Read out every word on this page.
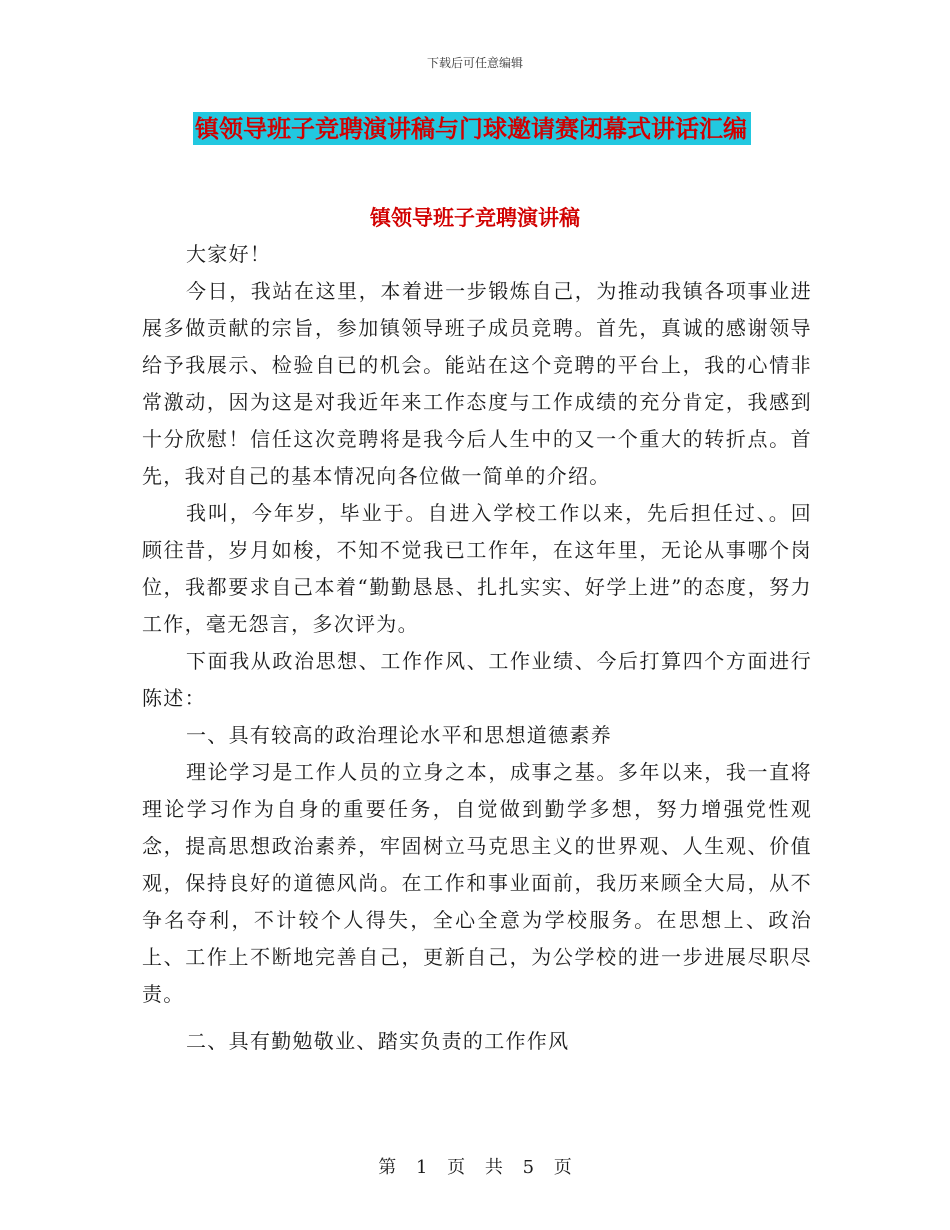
下载后可任意编辑
镇领导班子竞聘演讲稿与门球邀请赛闭幕式讲话汇编
镇领导班子竞聘演讲稿

大家好！

今日，我站在这里，本着进一步锻炼自己，为推动我镇各项事业进展多做贡献的宗旨，参加镇领导班子成员竞聘。首先，真诚的感谢领导给予我展示、检验自已的机会。能站在这个竞聘的平台上，我的心情非常激动，因为这是对我近年来工作态度与工作成绩的充分肯定，我感到十分欣慰！信任这次竞聘将是我今后人生中的又一个重大的转折点。首先，我对自己的基本情况向各位做一简单的介绍。

我叫，今年岁，毕业于。自进入学校工作以来，先后担任过、。回顾往昔，岁月如梭，不知不觉我已工作年，在这年里，无论从事哪个岗位，我都要求自己本着“勤勤恳恳、扎扎实实、好学上进”的态度，努力工作，毫无怨言，多次评为。

下面我从政治思想、工作作风、工作业绩、今后打算四个方面进行陈述：

一、具有较高的政治理论水平和思想道德素养

理论学习是工作人员的立身之本，成事之基。多年以来，我一直将理论学习作为自身的重要任务，自觉做到勤学多想，努力增强党性观念，提高思想政治素养，牢固树立马克思主义的世界观、人生观、价值观，保持良好的道德风尚。在工作和事业面前，我历来顾全大局，从不争名夺利，不计较个人得失，全心全意为学校服务。在思想上、政治上、工作上不断地完善自己，更新自己，为公学校的进一步进展尽职尽责。

二、具有勤勉敬业、踏实负责的工作作风

第 1 页 共 5 页
